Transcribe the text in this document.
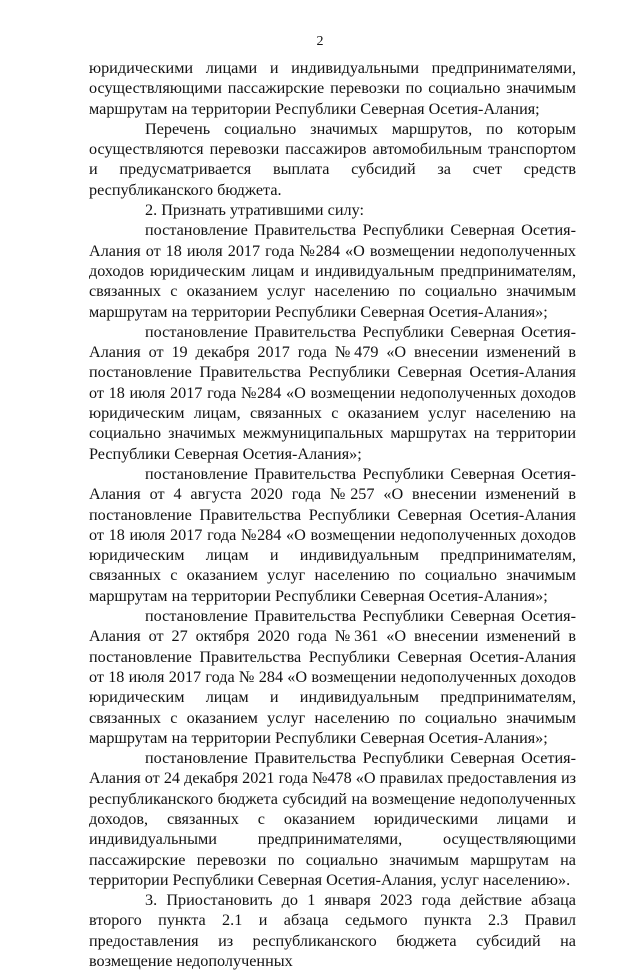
2

юридическими лицами и индивидуальными предпринимателями, осуществляющими пассажирские перевозки по социально значимым маршрутам на территории Республики Северная Осетия-Алания;

Перечень социально значимых маршрутов, по которым осуществляются перевозки пассажиров автомобильным транспортом и предусматривается выплата субсидий за счет средств республиканского бюджета.

2. Признать утратившими силу:

постановление Правительства Республики Северная Осетия-Алания от 18 июля 2017 года №284 «О возмещении недополученных доходов юридическим лицам и индивидуальным предпринимателям, связанных с оказанием услуг населению по социально значимым маршрутам на территории Республики Северная Осетия-Алания»;

постановление Правительства Республики Северная Осетия-Алания от 19 декабря 2017 года №479 «О внесении изменений в постановление Правительства Республики Северная Осетия-Алания от 18 июля 2017 года №284 «О возмещении недополученных доходов юридическим лицам, связанных с оказанием услуг населению на социально значимых межмуниципальных маршрутах на территории Республики Северная Осетия-Алания»;

постановление Правительства Республики Северная Осетия-Алания от 4 августа 2020 года №257 «О внесении изменений в постановление Правительства Республики Северная Осетия-Алания от 18 июля 2017 года №284 «О возмещении недополученных доходов юридическим лицам и индивидуальным предпринимателям, связанных с оказанием услуг населению по социально значимым маршрутам на территории Республики Северная Осетия-Алания»;

постановление Правительства Республики Северная Осетия-Алания от 27 октября 2020 года №361 «О внесении изменений в постановление Правительства Республики Северная Осетия-Алания от 18 июля 2017 года № 284 «О возмещении недополученных доходов юридическим лицам и индивидуальным предпринимателям, связанных с оказанием услуг населению по социально значимым маршрутам на территории Республики Северная Осетия-Алания»;

постановление Правительства Республики Северная Осетия-Алания от 24 декабря 2021 года №478 «О правилах предоставления из республиканского бюджета субсидий на возмещение недополученных доходов, связанных с оказанием юридическими лицами и индивидуальными предпринимателями, осуществляющими пассажирские перевозки по социально значимым маршрутам на территории Республики Северная Осетия-Алания, услуг населению».

3. Приостановить до 1 января 2023 года действие абзаца второго пункта 2.1 и абзаца седьмого пункта 2.3 Правил предоставления из республиканского бюджета субсидий на возмещение недополученных
